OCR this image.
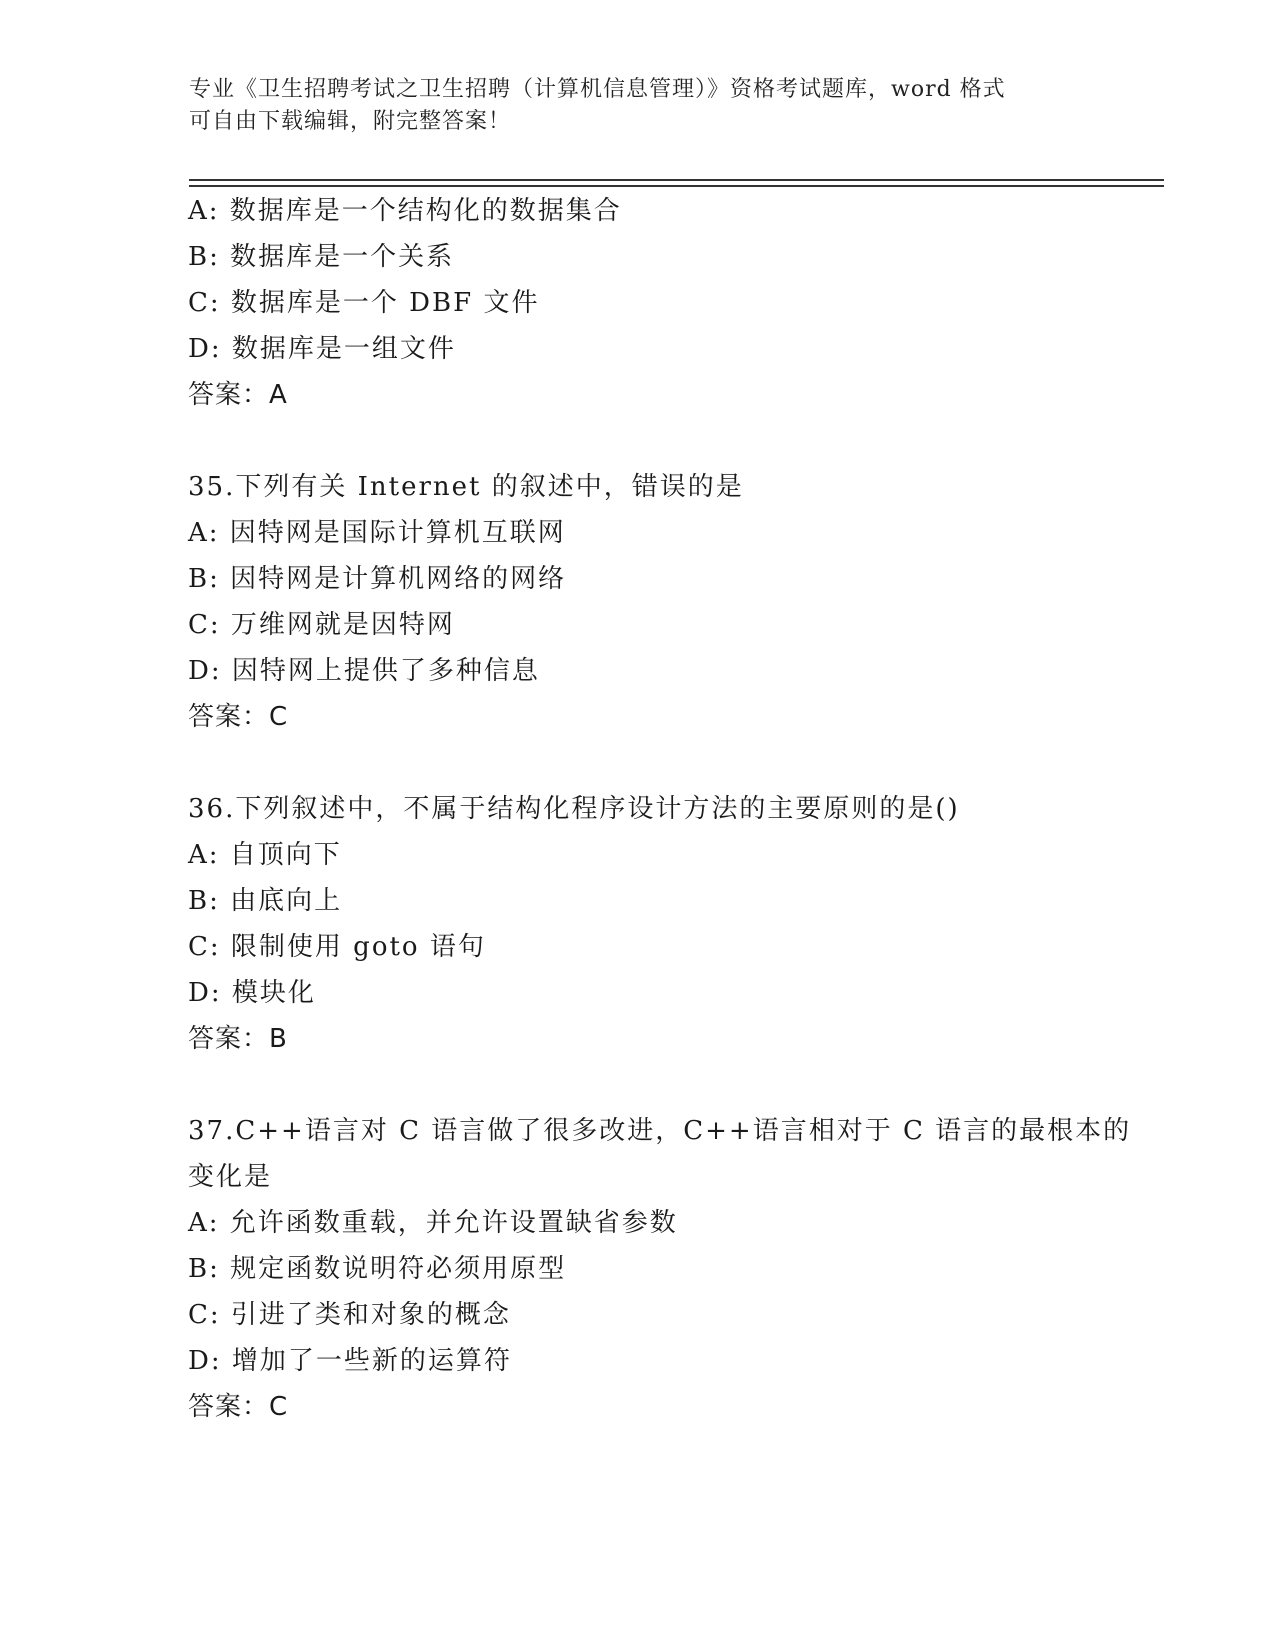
专业《卫生招聘考试之卫生招聘（计算机信息管理）》资格考试题库，word 格式
可自由下载编辑，附完整答案！
A: 数据库是一个结构化的数据集合
B: 数据库是一个关系
C: 数据库是一个 DBF 文件
D: 数据库是一组文件
答案：A
35.下列有关 Internet 的叙述中，错误的是
A: 因特网是国际计算机互联网
B: 因特网是计算机网络的网络
C: 万维网就是因特网
D: 因特网上提供了多种信息
答案：C
36.下列叙述中，不属于结构化程序设计方法的主要原则的是()
A: 自顶向下
B: 由底向上
C: 限制使用 goto 语句
D: 模块化
答案：B
37.C++语言对 C 语言做了很多改进，C++语言相对于 C 语言的最根本的
变化是
A: 允许函数重载，并允许设置缺省参数
B: 规定函数说明符必须用原型
C: 引进了类和对象的概念
D: 增加了一些新的运算符
答案：C
